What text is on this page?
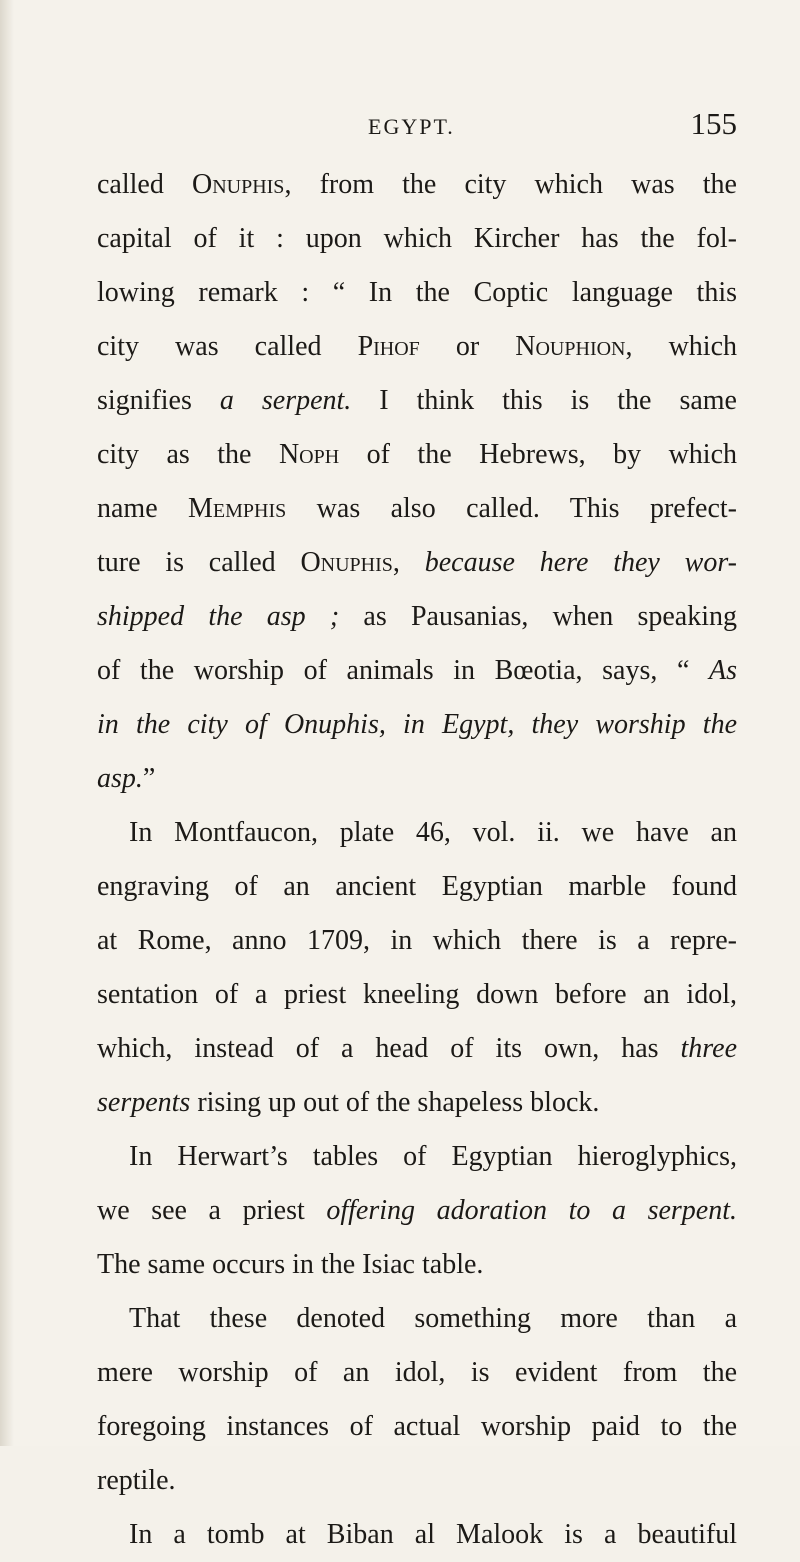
EGYPT.	155
called Onuphis, from the city which was the
capital of it : upon which Kircher has the fol-
lowing remark : “ In the Coptic language this
city was called Pihof or Nouphion, which
signifies a serpent. I think this is the same
city as the Noph of the Hebrews, by which
name Memphis was also called. This prefect-
ture is called Onuphis, because here they wor-
shipped the asp ; as Pausanias, when speaking
of the worship of animals in Bœotia, says, “ As
in the city of Onuphis, in Egypt, they worship the
asp.”
In Montfaucon, plate 46, vol. ii. we have an
engraving of an ancient Egyptian marble found
at Rome, anno 1709, in which there is a repre-
sentation of a priest kneeling down before an idol,
which, instead of a head of its own, has three
serpents rising up out of the shapeless block.
In Herwart’s tables of Egyptian hieroglyphics,
we see a priest offering adoration to a serpent.
The same occurs in the Isiac table.
That these denoted something more than a
mere worship of an idol, is evident from the
foregoing instances of actual worship paid to the
reptile.
In a tomb at Biban al Malook is a beautiful
